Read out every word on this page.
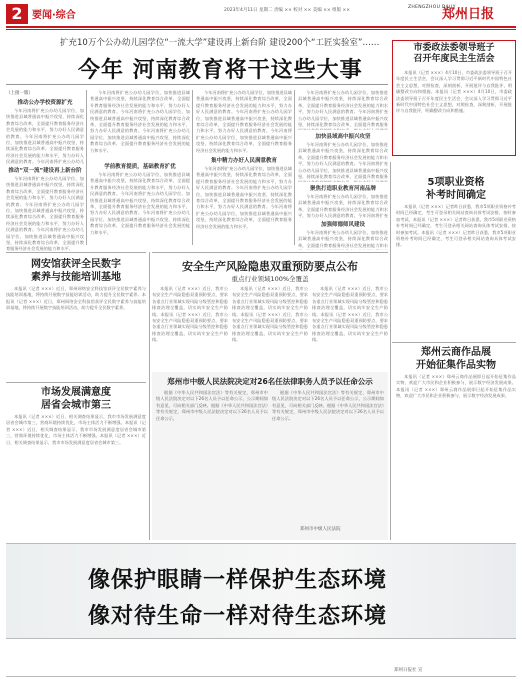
2 要闻·综合	2023年4月11日 星期二 责编 ×× 校对 ×× 美编 ×× 组版 ××
ZHENGZHOU DAILY
郑州日报
扩充10万个公办幼儿园学位“一流大学”建设再上新台阶 建设200个“工匠实验室”……
今年 河南教育将干这些大事
（上接一版）
推动公办学校资源扩充
今年河南将扩充公办幼儿园学位，加快推进县域普通高中振兴攻坚，持续深化教育综合改革，全面提升教育服务经济社会发展的能力和水平，努力办好人民满意的教育。今年河南将扩充公办幼儿园学位，加快推进县域普通高中振兴攻坚，持续深化教育综合改革，全面提升教育服务经济社会发展的能力和水平，努力办好人民满意的教育。今年河南将扩充公办幼儿
推动“双一流”建设再上新台阶
今年河南将扩充公办幼儿园学位，加快推进县域普通高中振兴攻坚，持续深化教育综合改革，全面提升教育服务经济社会发展的能力和水平，努力办好人民满意的教育。今年河南将扩充公办幼儿园学位，加快推进县域普通高中振兴攻坚，持续深化教育综合改革，全面提升教育服务经济社会发展的能力和水平，努力办好人民满意的教育。今年河南将扩充公办幼儿园学位，加快推进县域普通高中振兴攻坚，持续深化教育综合改革，全面提升教育服务经济社会发展的能力和水平。
今年河南将扩充公办幼儿园学位，加快推进县域普通高中振兴攻坚，持续深化教育综合改革，全面提升教育服务经济社会发展的能力和水平，努力办好人民满意的教育。今年河南将扩充公办幼儿园学位，加快推进县域普通高中振兴攻坚，持续深化教育综合改革，全面提升教育服务经济社会发展的能力和水平，努力办好人民满意的教育。今年河南将扩充公办幼儿园学位，加快推进县域普通高中振兴攻坚，持续深化教育综合改革，全面提升教育服务经济社会发展的能力和水平。
学前教育提质，基础教育扩优
今年河南将扩充公办幼儿园学位，加快推进县域普通高中振兴攻坚，持续深化教育综合改革，全面提升教育服务经济社会发展的能力和水平，努力办好人民满意的教育。今年河南将扩充公办幼儿园学位，加快推进县域普通高中振兴攻坚，持续深化教育综合改革，全面提升教育服务经济社会发展的能力和水平，努力办好人民满意的教育。今年河南将扩充公办幼儿园学位，加快推进县域普通高中振兴攻坚，持续深化教育综合改革，全面提升教育服务经济社会发展的能力和水平。
今年河南将扩充公办幼儿园学位，加快推进县域普通高中振兴攻坚，持续深化教育综合改革，全面提升教育服务经济社会发展的能力和水平，努力办好人民满意的教育。今年河南将扩充公办幼儿园学位，加快推进县域普通高中振兴攻坚，持续深化教育综合改革，全面提升教育服务经济社会发展的能力和水平，努力办好人民满意的教育。今年河南将扩充公办幼儿园学位，加快推进县域普通高中振兴攻坚，持续深化教育综合改革，全面提升教育服务经济社会发展的能力和水平。
集中精力办好人民满意教育
今年河南将扩充公办幼儿园学位，加快推进县域普通高中振兴攻坚，持续深化教育综合改革，全面提升教育服务经济社会发展的能力和水平，努力办好人民满意的教育。今年河南将扩充公办幼儿园学位，加快推进县域普通高中振兴攻坚，持续深化教育综合改革，全面提升教育服务经济社会发展的能力和水平，努力办好人民满意的教育。今年河南将扩充公办幼儿园学位，加快推进县域普通高中振兴攻坚，持续深化教育综合改革，全面提升教育服务经济社会发展的能力和水平。
今年河南将扩充公办幼儿园学位，加快推进县域普通高中振兴攻坚，持续深化教育综合改革，全面提升教育服务经济社会发展的能力和水平，努力办好人民满意的教育。今年河南将扩充公办幼儿园学位，加快推进县域普通高中振兴攻坚，持续深化教育综合改革，全面提升教育服务
加快县域高中振兴攻坚
今年河南将扩充公办幼儿园学位，加快推进县域普通高中振兴攻坚，持续深化教育综合改革，全面提升教育服务经济社会发展的能力和水平，努力办好人民满意的教育。今年河南将扩充公办幼儿园学位，加快推进县域普通高中振兴攻坚，持续深化教育综合改革，全面提升教育服务
聚焦打造职业教育河南品牌
今年河南将扩充公办幼儿园学位，加快推进县域普通高中振兴攻坚，持续深化教育综合改革，全面提升教育服务经济社会发展的能力和水平，努力办好人民满意的教育。今年河南将扩充
加强师德师风建设
今年河南将扩充公办幼儿园学位，加快推进县域普通高中振兴攻坚，持续深化教育综合改革，全面提升教育服务经济社会发展的能力和水
市委政法委领导班子
召开年度民主生活会
本报讯（记者 ×××）4月10日，市委政法委领导班子召开年度民主生活会，会议深入学习贯彻习近平新时代中国特色社会主义思想，对照检查，深刻剖析，开展批评与自我批评，明确整改方向和措施。本报讯（记者 ×××）4月10日，市委政法委领导班子召开年度民主生活会，会议深入学习贯彻习近平新时代中国特色社会主义思想，对照检查，深刻剖析，开展批评与自我批评，明确整改方向和措施。
5项职业资格
补考时间确定
本报讯（记者 ×××）记者昨日获悉，我市5项职业资格补考时间已经确定，考生可登录相关网站查询具体考试安排，按时参加考试。本报讯（记者 ×××）记者昨日获悉，我市5项职业资格补考时间已经确定，考生可登录相关网站查询具体考试安排，按时参加考试。本报讯（记者 ×××）记者昨日获悉，我市5项职业资格补考时间已经确定，考生可登录相关网站查询具体考试安排。
网安馆获评全民数字
素养与技能培训基地
本报讯（记者 ×××）近日，郑州网络安全科技馆获评全民数字素养与技能培训基地，将持续开展数字技能培训活动，助力提升全民数字素养。本报讯（记者 ×××）近日，郑州网络安全科技馆获评全民数字素养与技能培训基地，将持续开展数字技能培训活动，助力提升全民数字素养。
市场发展满意度
居省会城市第三
本报讯（记者 ×××）近日，相关调查结果显示，我市市场发展满意度居省会城市第三，营商环境持续优化，市场主体活力不断增强。本报讯（记者 ×××）近日，相关调查结果显示，我市市场发展满意度居省会城市第三，营商环境持续优化，市场主体活力不断增强。本报讯（记者 ×××）近日，相关调查结果显示，我市市场发展满意度居省会城市第三。
安全生产风险隐患双重预防要点公布
重点行业领域100%全覆盖
本报讯（记者 ×××）近日，我市公布安全生产风险隐患双重预防要点，要求各重点行业领域实现风险分级管控和隐患排查治理全覆盖，切实筑牢安全生产防线。本报讯（记者 ×××）近日，我市公布安全生产风险隐患双重预防要点，要求各重点行业领域实现风险分级管控和隐患排查治理全覆盖，切实筑牢安全生产防线。
本报讯（记者 ×××）近日，我市公布安全生产风险隐患双重预防要点，要求各重点行业领域实现风险分级管控和隐患排查治理全覆盖，切实筑牢安全生产防线。本报讯（记者 ×××）近日，我市公布安全生产风险隐患双重预防要点，要求各重点行业领域实现风险分级管控和隐患排查治理全覆盖，切实筑牢安全生产防线。
本报讯（记者 ×××）近日，我市公布安全生产风险隐患双重预防要点，要求各重点行业领域实现风险分级管控和隐患排查治理全覆盖，切实筑牢安全生产防线。本报讯（记者 ×××）近日，我市公布安全生产风险隐患双重预防要点，要求各重点行业领域实现风险分级管控和隐患排查治理全覆盖，切实筑牢安全生产防线。
郑州市中级人民法院决定对26名任法律职务人员予以任命公示
根据《中华人民共和国法官法》等有关规定，郑州市中级人民法院决定对以下26名人员予以任命公示，公示期间如有意见，可向相关部门反映。根据《中华人民共和国法官法》等有关规定，郑州市中级人民法院决定对以下26名人员予以任命公示。
根据《中华人民共和国法官法》等有关规定，郑州市中级人民法院决定对以下26名人员予以任命公示，公示期间如有意见，可向相关部门反映。根据《中华人民共和国法官法》等有关规定，郑州市中级人民法院决定对以下26名人员予以任命公示。
郑州市中级人民法院
郑州云商作品展
开始征集作品实物
本报讯（记者 ×××）郑州云商作品展即日起开始征集作品实物，欢迎广大市民和企业积极参与，展示数字经济发展成果。本报讯（记者 ×××）郑州云商作品展即日起开始征集作品实物，欢迎广大市民和企业积极参与，展示数字经济发展成果。
像保护眼睛一样保护生态环境
像对待生命一样对待生态环境
郑州日报社 宣
